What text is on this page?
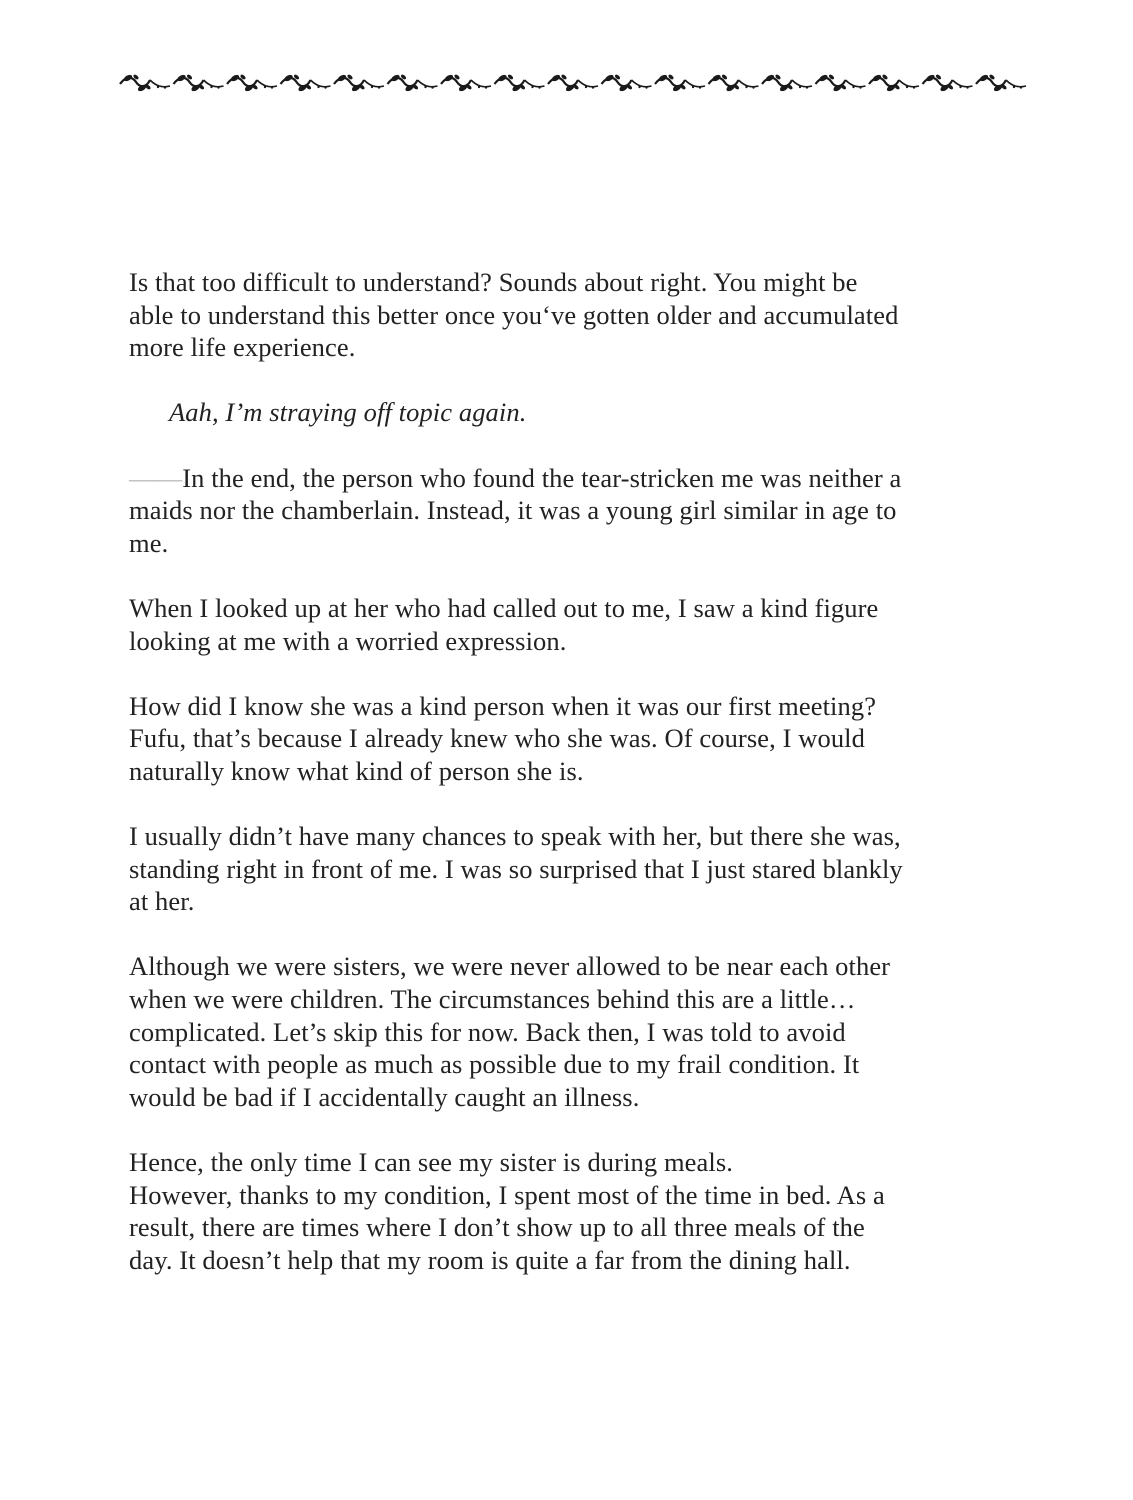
Is that too difficult to understand? Sounds about right. You might be
able to understand this better once you‘ve gotten older and accumulated
more life experience.

Aah, I’m straying off topic again.

——In the end, the person who found the tear-stricken me was neither a
maids nor the chamberlain. Instead, it was a young girl similar in age to
me.

When I looked up at her who had called out to me, I saw a kind figure
looking at me with a worried expression.

How did I know she was a kind person when it was our first meeting?
Fufu, that’s because I already knew who she was. Of course, I would
naturally know what kind of person she is.

I usually didn’t have many chances to speak with her, but there she was,
standing right in front of me. I was so surprised that I just stared blankly
at her.

Although we were sisters, we were never allowed to be near each other
when we were children. The circumstances behind this are a little…
complicated. Let’s skip this for now. Back then, I was told to avoid
contact with people as much as possible due to my frail condition. It
would be bad if I accidentally caught an illness.

Hence, the only time I can see my sister is during meals.
However, thanks to my condition, I spent most of the time in bed. As a
result, there are times where I don’t show up to all three meals of the
day. It doesn’t help that my room is quite a far from the dining hall.
